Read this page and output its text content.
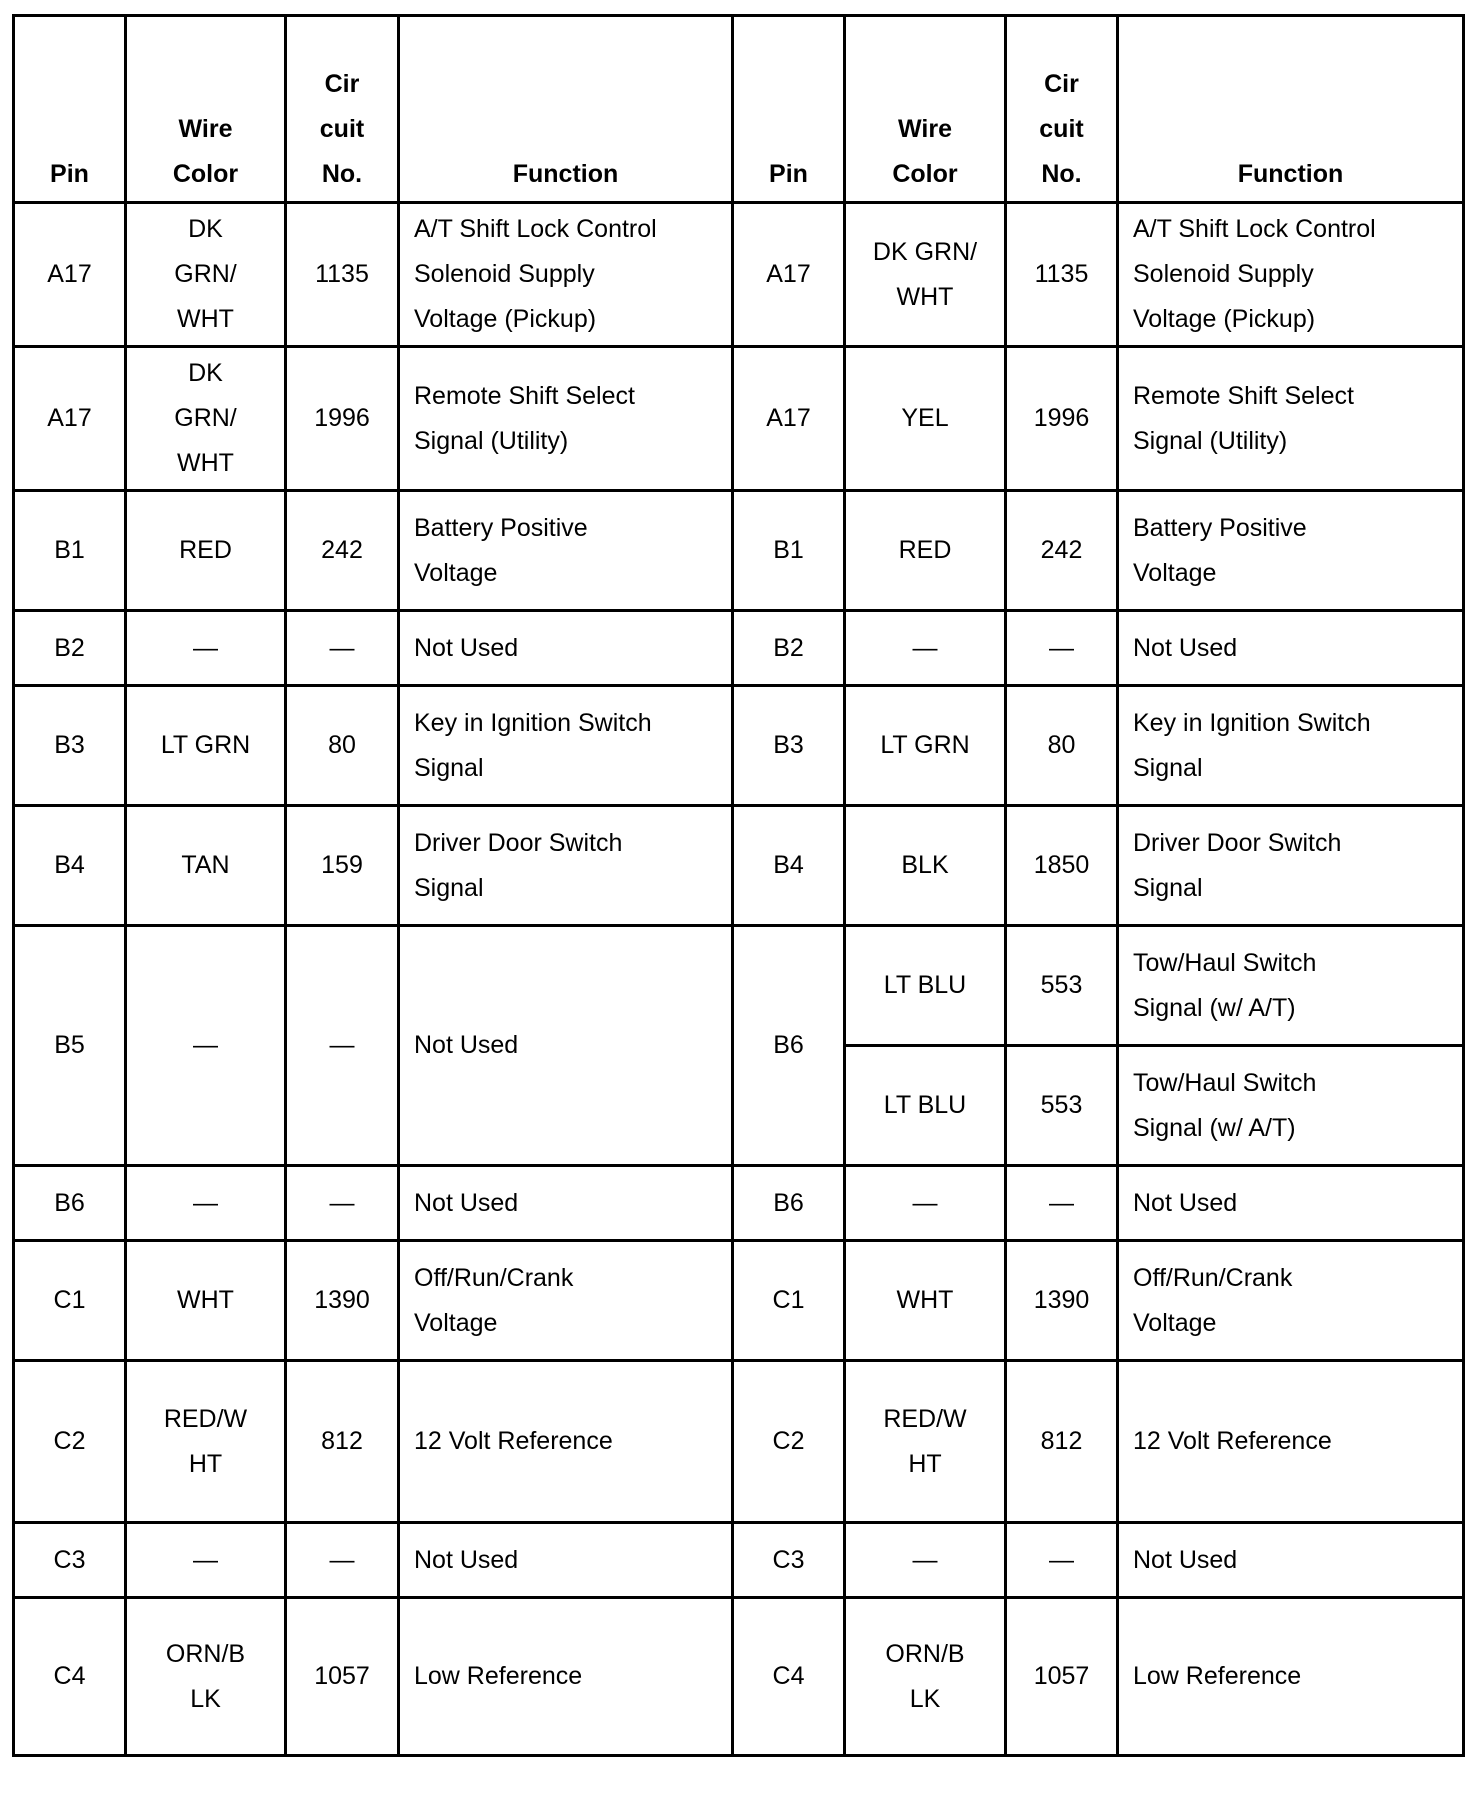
Pin	Wire
Color	Cir
cuit
No.	Function	Pin	Wire
Color	Cir
cuit
No.	Function
A17	DK
GRN/
WHT	1135	A/T Shift Lock Control
Solenoid Supply
Voltage (Pickup)	A17	DK GRN/
WHT	1135	A/T Shift Lock Control
Solenoid Supply
Voltage (Pickup)
A17	DK
GRN/
WHT	1996	Remote Shift Select
Signal (Utility)	A17	YEL	1996	Remote Shift Select
Signal (Utility)
B1	RED	242	Battery Positive
Voltage	B1	RED	242	Battery Positive
Voltage
B2	—	—	Not Used	B2	—	—	Not Used
B3	LT GRN	80	Key in Ignition Switch
Signal	B3	LT GRN	80	Key in Ignition Switch
Signal
B4	TAN	159	Driver Door Switch
Signal	B4	BLK	1850	Driver Door Switch
Signal
B5	—	—	Not Used	B6	LT BLU	553	Tow/Haul Switch
Signal (w/ A/T)
					LT BLU	553	Tow/Haul Switch
Signal (w/ A/T)
B6	—	—	Not Used	B6	—	—	Not Used
C1	WHT	1390	Off/Run/Crank
Voltage	C1	WHT	1390	Off/Run/Crank
Voltage
C2	RED/W
HT	812	12 Volt Reference	C2	RED/W
HT	812	12 Volt Reference
C3	—	—	Not Used	C3	—	—	Not Used
C4	ORN/B
LK	1057	Low Reference	C4	ORN/B
LK	1057	Low Reference
